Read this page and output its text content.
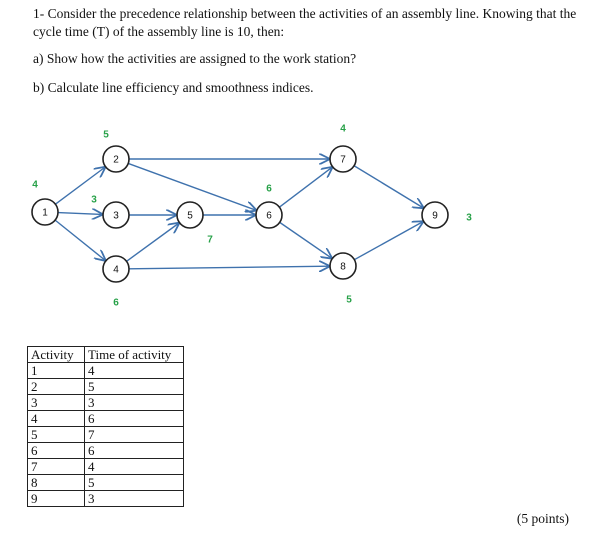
1- Consider the precedence relationship between the activities of an assembly line. Knowing that the cycle time (T) of the assembly line is 10, then:

a) Show how the activities are assigned to the work station?

b) Calculate line efficiency and smoothness indices.

1
4
2
5
3
3
4
6
5
7
6
6
7
4
8
5
9	3
Activity	Time of activity
1	4
2	5
3	3
4	6
5	7
6	6
7	4
8	5
9	3
(5 points)
